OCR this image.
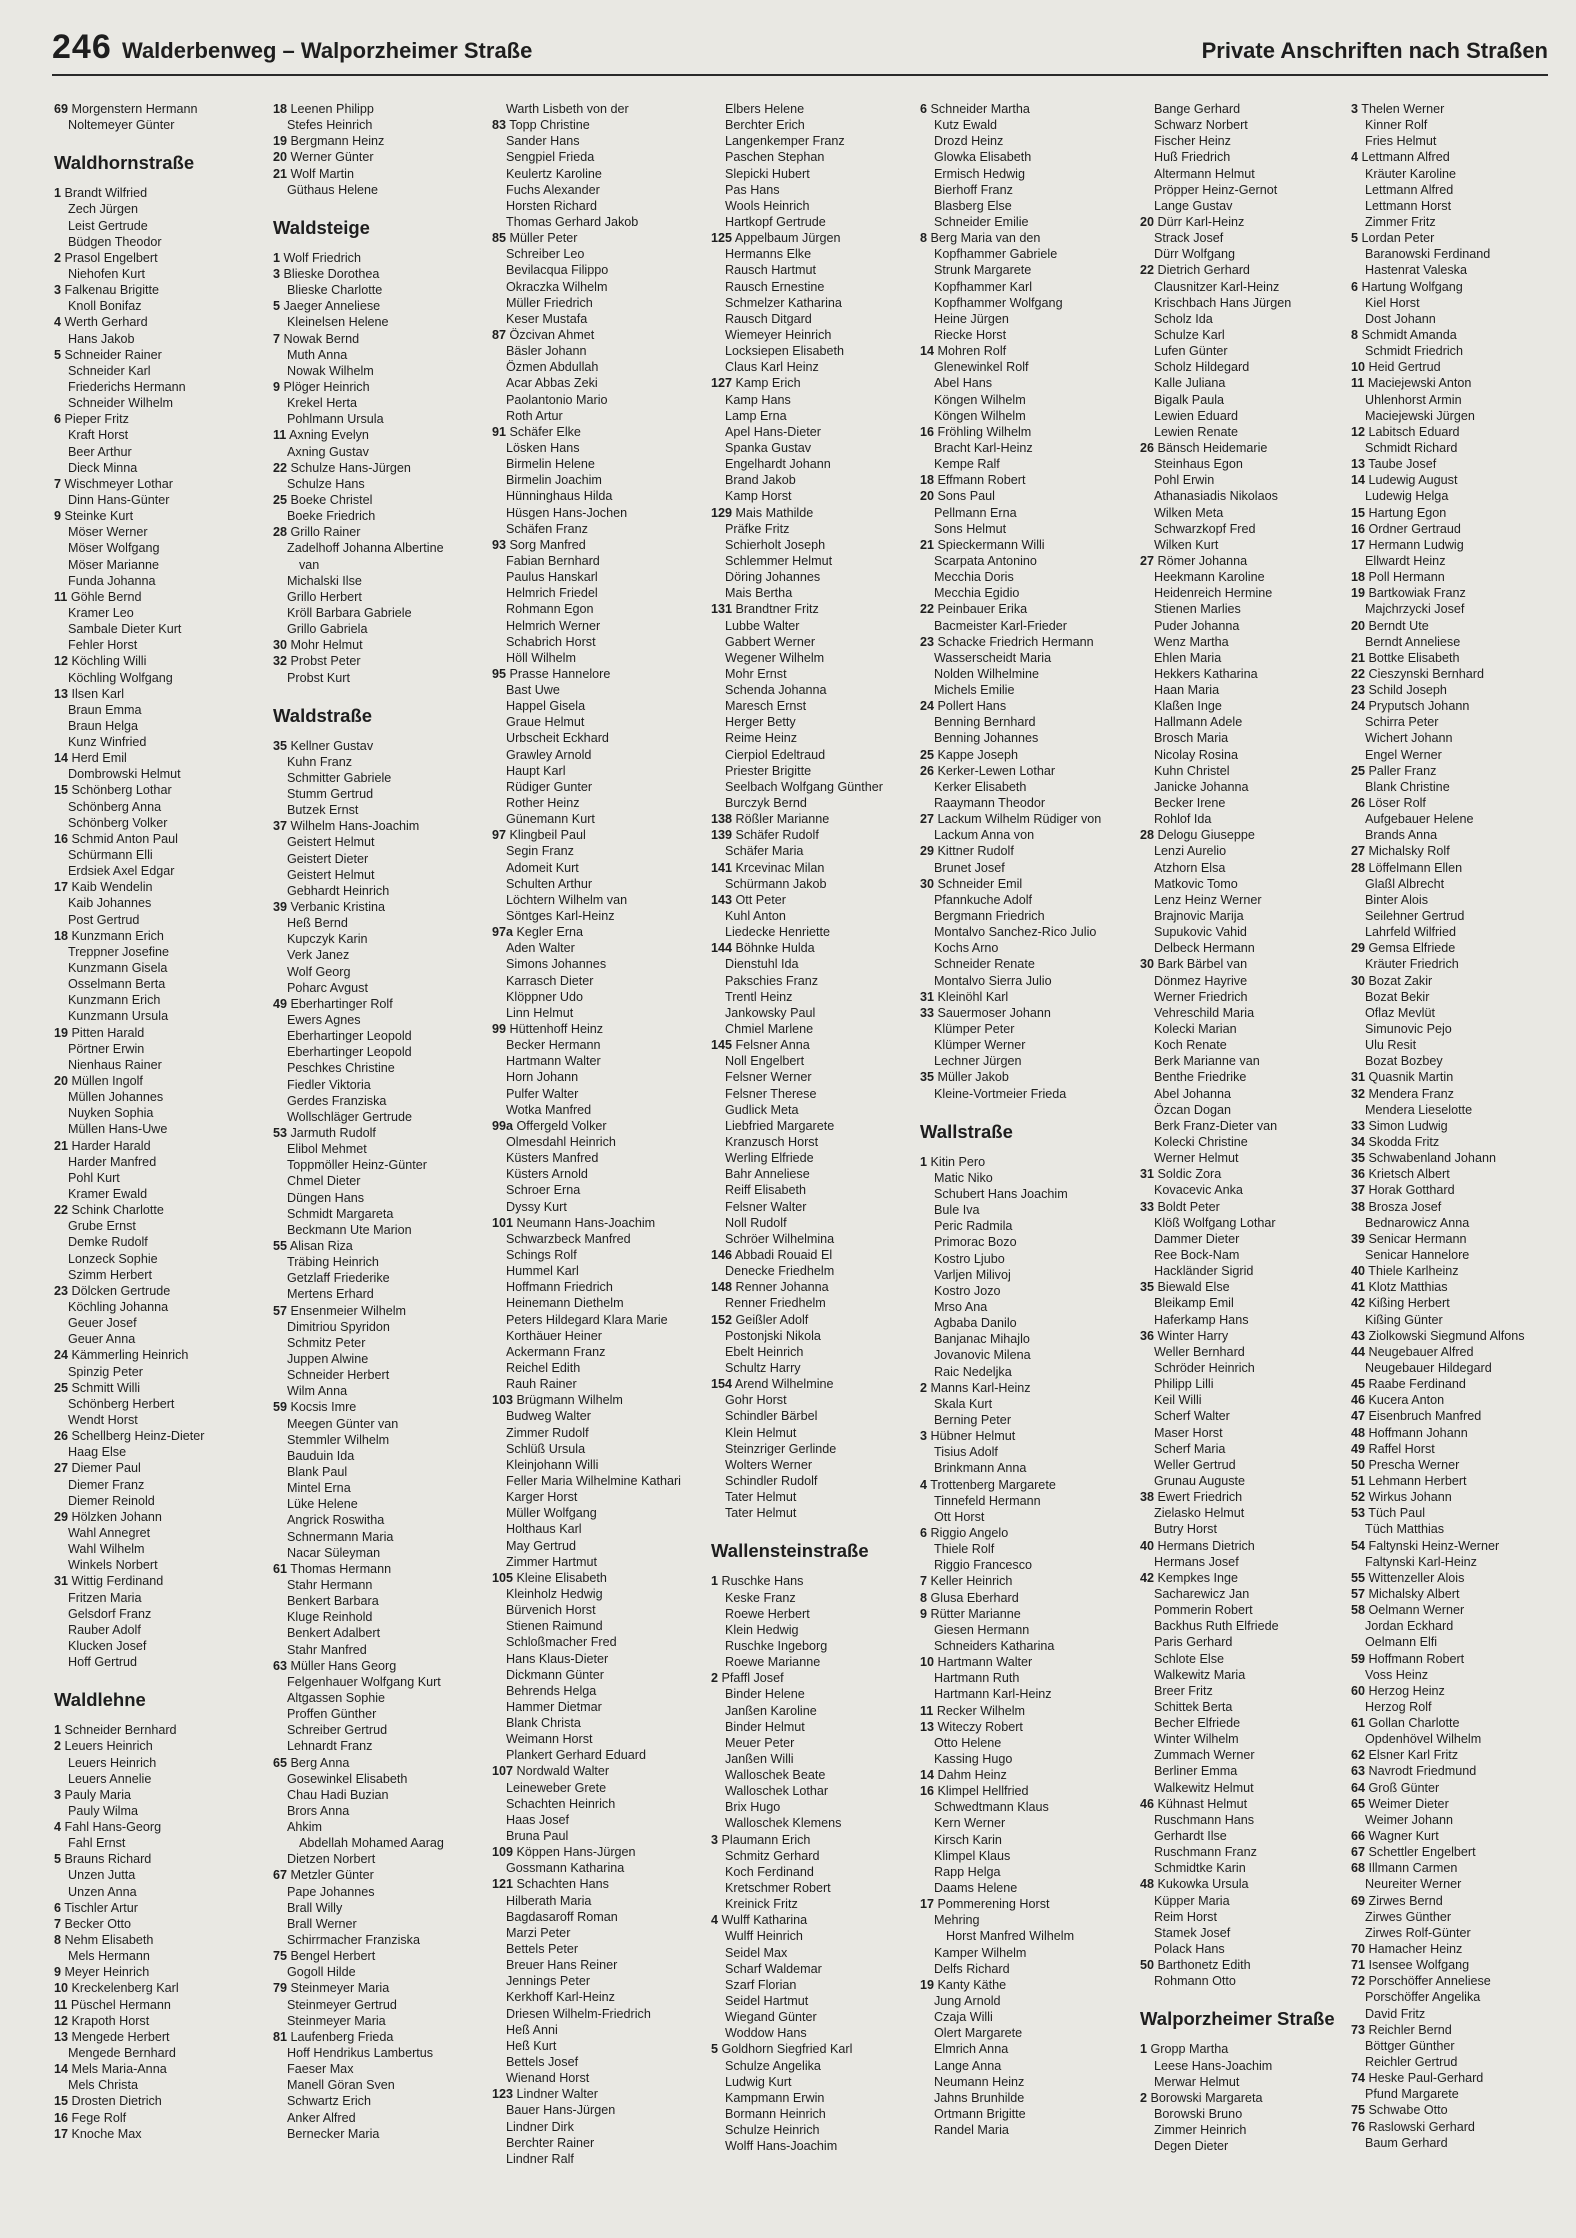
246 Walderbenweg – Walporzheimer Straße	Private Anschriften nach Straßen
69 Morgenstern Hermann
Noltemeyer Günter
Waldhornstraße
1 Brandt Wilfried
Zech Jürgen
Leist Gertrude
Büdgen Theodor
2 Prasol Engelbert
Niehofen Kurt
3 Falkenau Brigitte
Knoll Bonifaz
4 Werth Gerhard
Hans Jakob
5 Schneider Rainer
Schneider Karl
Friederichs Hermann
Schneider Wilhelm
6 Pieper Fritz
Kraft Horst
Beer Arthur
Dieck Minna
7 Wischmeyer Lothar
Dinn Hans-Günter
9 Steinke Kurt
Möser Werner
Möser Wolfgang
Möser Marianne
Funda Johanna
11 Göhle Bernd
Kramer Leo
Sambale Dieter Kurt
Fehler Horst
12 Köchling Willi
Köchling Wolfgang
13 Ilsen Karl
Braun Emma
Braun Helga
Kunz Winfried
14 Herd Emil
Dombrowski Helmut
15 Schönberg Lothar
Schönberg Anna
Schönberg Volker
16 Schmid Anton Paul
Schürmann Elli
Erdsiek Axel Edgar
17 Kaib Wendelin
Kaib Johannes
Post Gertrud
18 Kunzmann Erich
Treppner Josefine
Kunzmann Gisela
Osselmann Berta
Kunzmann Erich
Kunzmann Ursula
19 Pitten Harald
Pörtner Erwin
Nienhaus Rainer
20 Müllen Ingolf
Müllen Johannes
Nuyken Sophia
Müllen Hans-Uwe
21 Harder Harald
Harder Manfred
Pohl Kurt
Kramer Ewald
22 Schink Charlotte
Grube Ernst
Demke Rudolf
Lonzeck Sophie
Szimm Herbert
23 Dölcken Gertrude
Köchling Johanna
Geuer Josef
Geuer Anna
24 Kämmerling Heinrich
Spinzig Peter
25 Schmitt Willi
Schönberg Herbert
Wendt Horst
26 Schellberg Heinz-Dieter
Haag Else
27 Diemer Paul
Diemer Franz
Diemer Reinold
29 Hölzken Johann
Wahl Annegret
Wahl Wilhelm
Winkels Norbert
31 Wittig Ferdinand
Fritzen Maria
Gelsdorf Franz
Rauber Adolf
Klucken Josef
Hoff Gertrud
Waldlehne
1 Schneider Bernhard
2 Leuers Heinrich
Leuers Heinrich
Leuers Annelie
3 Pauly Maria
Pauly Wilma
4 Fahl Hans-Georg
Fahl Ernst
5 Brauns Richard
Unzen Jutta
Unzen Anna
6 Tischler Artur
7 Becker Otto
8 Nehm Elisabeth
Mels Hermann
9 Meyer Heinrich
10 Kreckelenberg Karl
11 Püschel Hermann
12 Krapoth Horst
13 Mengede Herbert
Mengede Bernhard
14 Mels Maria-Anna
Mels Christa
15 Drosten Dietrich
16 Fege Rolf
17 Knoche Max
18 Leenen Philipp
Stefes Heinrich
19 Bergmann Heinz
20 Werner Günter
21 Wolf Martin
Güthaus Helene
Waldsteige
1 Wolf Friedrich
3 Blieske Dorothea
Blieske Charlotte
5 Jaeger Anneliese
Kleinelsen Helene
7 Nowak Bernd
Muth Anna
Nowak Wilhelm
9 Plöger Heinrich
Krekel Herta
Pohlmann Ursula
11 Axning Evelyn
Axning Gustav
22 Schulze Hans-Jürgen
Schulze Hans
25 Boeke Christel
Boeke Friedrich
28 Grillo Rainer
Zadelhoff Johanna Albertine
van
Michalski Ilse
Grillo Herbert
Kröll Barbara Gabriele
Grillo Gabriela
30 Mohr Helmut
32 Probst Peter
Probst Kurt
Waldstraße
35 Kellner Gustav
Kuhn Franz
Schmitter Gabriele
Stumm Gertrud
Butzek Ernst
37 Wilhelm Hans-Joachim
Geistert Helmut
Geistert Dieter
Geistert Helmut
Gebhardt Heinrich
39 Verbanic Kristina
Heß Bernd
Kupczyk Karin
Verk Janez
Wolf Georg
Poharc Avgust
49 Eberhartinger Rolf
Ewers Agnes
Eberhartinger Leopold
Eberhartinger Leopold
Peschkes Christine
Fiedler Viktoria
Gerdes Franziska
Wollschläger Gertrude
53 Jarmuth Rudolf
Elibol Mehmet
Toppmöller Heinz-Günter
Chmel Dieter
Düngen Hans
Schmidt Margareta
Beckmann Ute Marion
55 Alisan Riza
Träbing Heinrich
Getzlaff Friederike
Mertens Erhard
57 Ensenmeier Wilhelm
Dimitriou Spyridon
Schmitz Peter
Juppen Alwine
Schneider Herbert
Wilm Anna
59 Kocsis Imre
Meegen Günter van
Stemmler Wilhelm
Bauduin Ida
Blank Paul
Mintel Erna
Lüke Helene
Angrick Roswitha
Schnermann Maria
Nacar Süleyman
61 Thomas Hermann
Stahr Hermann
Benkert Barbara
Kluge Reinhold
Benkert Adalbert
Stahr Manfred
63 Müller Hans Georg
Felgenhauer Wolfgang Kurt
Altgassen Sophie
Proffen Günther
Schreiber Gertrud
Lehnardt Franz
65 Berg Anna
Gosewinkel Elisabeth
Chau Hadi Buzian
Brors Anna
Ahkim
Abdellah Mohamed Aarag
Dietzen Norbert
67 Metzler Günter
Pape Johannes
Brall Willy
Brall Werner
Schirrmacher Franziska
75 Bengel Herbert
Gogoll Hilde
79 Steinmeyer Maria
Steinmeyer Gertrud
Steinmeyer Maria
81 Laufenberg Frieda
Hoff Hendrikus Lambertus
Faeser Max
Manell Göran Sven
Schwartz Erich
Anker Alfred
Bernecker Maria
Warth Lisbeth von der
83 Topp Christine
Sander Hans
Sengpiel Frieda
Keulertz Karoline
Fuchs Alexander
Horsten Richard
Thomas Gerhard Jakob
85 Müller Peter
Schreiber Leo
Bevilacqua Filippo
Okraczka Wilhelm
Müller Friedrich
Keser Mustafa
87 Özcivan Ahmet
Bäsler Johann
Özmen Abdullah
Acar Abbas Zeki
Paolantonio Mario
Roth Artur
91 Schäfer Elke
Lösken Hans
Birmelin Helene
Birmelin Joachim
Hünninghaus Hilda
Hüsgen Hans-Jochen
Schäfen Franz
93 Sorg Manfred
Fabian Bernhard
Paulus Hanskarl
Helmrich Friedel
Rohmann Egon
Helmrich Werner
Schabrich Horst
Höll Wilhelm
95 Prasse Hannelore
Bast Uwe
Happel Gisela
Graue Helmut
Urbscheit Eckhard
Grawley Arnold
Haupt Karl
Rüdiger Gunter
Rother Heinz
Günemann Kurt
97 Klingbeil Paul
Segin Franz
Adomeit Kurt
Schulten Arthur
Löchtern Wilhelm van
Söntges Karl-Heinz
97a Kegler Erna
Aden Walter
Simons Johannes
Karrasch Dieter
Klöppner Udo
Linn Helmut
99 Hüttenhoff Heinz
Becker Hermann
Hartmann Walter
Horn Johann
Pulfer Walter
Wotka Manfred
99a Offergeld Volker
Olmesdahl Heinrich
Küsters Manfred
Küsters Arnold
Schroer Erna
Dyssy Kurt
101 Neumann Hans-Joachim
Schwarzbeck Manfred
Schings Rolf
Hummel Karl
Hoffmann Friedrich
Heinemann Diethelm
Peters Hildegard Klara Marie
Korthäuer Heiner
Ackermann Franz
Reichel Edith
Rauh Rainer
103 Brügmann Wilhelm
Budweg Walter
Zimmer Rudolf
Schlüß Ursula
Kleinjohann Willi
Feller Maria Wilhelmine Kathari
Karger Horst
Müller Wolfgang
Holthaus Karl
May Gertrud
Zimmer Hartmut
105 Kleine Elisabeth
Kleinholz Hedwig
Bürvenich Horst
Stienen Raimund
Schloßmacher Fred
Hans Klaus-Dieter
Dickmann Günter
Behrends Helga
Hammer Dietmar
Blank Christa
Weimann Horst
Plankert Gerhard Eduard
107 Nordwald Walter
Leineweber Grete
Schachten Heinrich
Haas Josef
Bruna Paul
109 Köppen Hans-Jürgen
Gossmann Katharina
121 Schachten Hans
Hilberath Maria
Bagdasaroff Roman
Marzi Peter
Bettels Peter
Breuer Hans Reiner
Jennings Peter
Kerkhoff Karl-Heinz
Driesen Wilhelm-Friedrich
Heß Anni
Heß Kurt
Bettels Josef
Wienand Horst
123 Lindner Walter
Bauer Hans-Jürgen
Lindner Dirk
Berchter Rainer
Lindner Ralf
Elbers Helene
Berchter Erich
Langenkemper Franz
Paschen Stephan
Slepicki Hubert
Pas Hans
Wools Heinrich
Hartkopf Gertrude
125 Appelbaum Jürgen
Hermanns Elke
Rausch Hartmut
Rausch Ernestine
Schmelzer Katharina
Rausch Ditgard
Wiemeyer Heinrich
Locksiepen Elisabeth
Claus Karl Heinz
127 Kamp Erich
Kamp Hans
Lamp Erna
Apel Hans-Dieter
Spanka Gustav
Engelhardt Johann
Brand Jakob
Kamp Horst
129 Mais Mathilde
Präfke Fritz
Schierholt Joseph
Schlemmer Helmut
Döring Johannes
Mais Bertha
131 Brandtner Fritz
Lubbe Walter
Gabbert Werner
Wegener Wilhelm
Mohr Ernst
Schenda Johanna
Maresch Ernst
Herger Betty
Reime Heinz
Cierpiol Edeltraud
Priester Brigitte
Seelbach Wolfgang Günther
Burczyk Bernd
138 Rößler Marianne
139 Schäfer Rudolf
Schäfer Maria
141 Krcevinac Milan
Schürmann Jakob
143 Ott Peter
Kuhl Anton
Liedecke Henriette
144 Böhnke Hulda
Dienstuhl Ida
Pakschies Franz
Trentl Heinz
Jankowsky Paul
Chmiel Marlene
145 Felsner Anna
Noll Engelbert
Felsner Werner
Felsner Therese
Gudlick Meta
Liebfried Margarete
Kranzusch Horst
Werling Elfriede
Bahr Anneliese
Reiff Elisabeth
Felsner Walter
Noll Rudolf
Schröer Wilhelmina
146 Abbadi Rouaid El
Denecke Friedhelm
148 Renner Johanna
Renner Friedhelm
152 Geißler Adolf
Postonjski Nikola
Ebelt Heinrich
Schultz Harry
154 Arend Wilhelmine
Gohr Horst
Schindler Bärbel
Klein Helmut
Steinzriger Gerlinde
Wolters Werner
Schindler Rudolf
Tater Helmut
Tater Helmut
Wallensteinstraße
1 Ruschke Hans
Keske Franz
Roewe Herbert
Klein Hedwig
Ruschke Ingeborg
Roewe Marianne
2 Pfaffl Josef
Binder Helene
Janßen Karoline
Binder Helmut
Meuer Peter
Janßen Willi
Walloschek Beate
Walloschek Lothar
Brix Hugo
Walloschek Klemens
3 Plaumann Erich
Schmitz Gerhard
Koch Ferdinand
Kretschmer Robert
Kreinick Fritz
4 Wulff Katharina
Wulff Heinrich
Seidel Max
Scharf Waldemar
Szarf Florian
Seidel Hartmut
Wiegand Günter
Woddow Hans
5 Goldhorn Siegfried Karl
Schulze Angelika
Ludwig Kurt
Kampmann Erwin
Bormann Heinrich
Schulze Heinrich
Wolff Hans-Joachim
6 Schneider Martha
Kutz Ewald
Drozd Heinz
Glowka Elisabeth
Ermisch Hedwig
Bierhoff Franz
Blasberg Else
Schneider Emilie
8 Berg Maria van den
Kopfhammer Gabriele
Strunk Margarete
Kopfhammer Karl
Kopfhammer Wolfgang
Heine Jürgen
Riecke Horst
14 Mohren Rolf
Glenewinkel Rolf
Abel Hans
Köngen Wilhelm
Köngen Wilhelm
16 Fröhling Wilhelm
Bracht Karl-Heinz
Kempe Ralf
18 Effmann Robert
20 Sons Paul
Pellmann Erna
Sons Helmut
21 Spieckermann Willi
Scarpata Antonino
Mecchia Doris
Mecchia Egidio
22 Peinbauer Erika
Bacmeister Karl-Frieder
23 Schacke Friedrich Hermann
Wasserscheidt Maria
Nolden Wilhelmine
Michels Emilie
24 Pollert Hans
Benning Bernhard
Benning Johannes
25 Kappe Joseph
26 Kerker-Lewen Lothar
Kerker Elisabeth
Raaymann Theodor
27 Lackum Wilhelm Rüdiger von
Lackum Anna von
29 Kittner Rudolf
Brunet Josef
30 Schneider Emil
Pfannkuche Adolf
Bergmann Friedrich
Montalvo Sanchez-Rico Julio
Kochs Arno
Schneider Renate
Montalvo Sierra Julio
31 Kleinöhl Karl
33 Sauermoser Johann
Klümper Peter
Klümper Werner
Lechner Jürgen
35 Müller Jakob
Kleine-Vortmeier Frieda
Wallstraße
1 Kitin Pero
Matic Niko
Schubert Hans Joachim
Bule Iva
Peric Radmila
Primorac Bozo
Kostro Ljubo
Varljen Milivoj
Kostro Jozo
Mrso Ana
Agbaba Danilo
Banjanac Mihajlo
Jovanovic Milena
Raic Nedeljka
2 Manns Karl-Heinz
Skala Kurt
Berning Peter
3 Hübner Helmut
Tisius Adolf
Brinkmann Anna
4 Trottenberg Margarete
Tinnefeld Hermann
Ott Horst
6 Riggio Angelo
Thiele Rolf
Riggio Francesco
7 Keller Heinrich
8 Glusa Eberhard
9 Rütter Marianne
Giesen Hermann
Schneiders Katharina
10 Hartmann Walter
Hartmann Ruth
Hartmann Karl-Heinz
11 Recker Wilhelm
13 Witeczy Robert
Otto Helene
Kassing Hugo
14 Dahm Heinz
16 Klimpel Hellfried
Schwedtmann Klaus
Kern Werner
Kirsch Karin
Klimpel Klaus
Rapp Helga
Daams Helene
17 Pommerening Horst
Mehring
Horst Manfred Wilhelm
Kamper Wilhelm
Delfs Richard
19 Kanty Käthe
Jung Arnold
Czaja Willi
Olert Margarete
Elmrich Anna
Lange Anna
Neumann Heinz
Jahns Brunhilde
Ortmann Brigitte
Randel Maria
Bange Gerhard
Schwarz Norbert
Fischer Heinz
Huß Friedrich
Altermann Helmut
Pröpper Heinz-Gernot
Lange Gustav
20 Dürr Karl-Heinz
Strack Josef
Dürr Wolfgang
22 Dietrich Gerhard
Clausnitzer Karl-Heinz
Krischbach Hans Jürgen
Scholz Ida
Schulze Karl
Lufen Günter
Scholz Hildegard
Kalle Juliana
Bigalk Paula
Lewien Eduard
Lewien Renate
26 Bänsch Heidemarie
Steinhaus Egon
Pohl Erwin
Athanasiadis Nikolaos
Wilken Meta
Schwarzkopf Fred
Wilken Kurt
27 Römer Johanna
Heekmann Karoline
Heidenreich Hermine
Stienen Marlies
Puder Johanna
Wenz Martha
Ehlen Maria
Hekkers Katharina
Haan Maria
Klaßen Inge
Hallmann Adele
Brosch Maria
Nicolay Rosina
Kuhn Christel
Janicke Johanna
Becker Irene
Rohlof Ida
28 Delogu Giuseppe
Lenzi Aurelio
Atzhorn Elsa
Matkovic Tomo
Lenz Heinz Werner
Brajnovic Marija
Supukovic Vahid
Delbeck Hermann
30 Bark Bärbel van
Dönmez Hayrive
Werner Friedrich
Vehreschild Maria
Kolecki Marian
Koch Renate
Berk Marianne van
Benthe Friedrike
Abel Johanna
Özcan Dogan
Berk Franz-Dieter van
Kolecki Christine
Werner Helmut
31 Soldic Zora
Kovacevic Anka
33 Boldt Peter
Klöß Wolfgang Lothar
Dammer Dieter
Ree Bock-Nam
Hackländer Sigrid
35 Biewald Else
Bleikamp Emil
Haferkamp Hans
36 Winter Harry
Weller Bernhard
Schröder Heinrich
Philipp Lilli
Keil Willi
Scherf Walter
Maser Horst
Scherf Maria
Weller Gertrud
Grunau Auguste
38 Ewert Friedrich
Zielasko Helmut
Butry Horst
40 Hermans Dietrich
Hermans Josef
42 Kempkes Inge
Sacharewicz Jan
Pommerin Robert
Backhus Ruth Elfriede
Paris Gerhard
Schlote Else
Walkewitz Maria
Breer Fritz
Schittek Berta
Becher Elfriede
Winter Wilhelm
Zummach Werner
Berliner Emma
Walkewitz Helmut
46 Kühnast Helmut
Ruschmann Hans
Gerhardt Ilse
Ruschmann Franz
Schmidtke Karin
48 Kukowka Ursula
Küpper Maria
Reim Horst
Stamek Josef
Polack Hans
50 Barthonetz Edith
Rohmann Otto
Walporzheimer Straße
1 Gropp Martha
Leese Hans-Joachim
Merwar Helmut
2 Borowski Margareta
Borowski Bruno
Zimmer Heinrich
Degen Dieter
3 Thelen Werner
Kinner Rolf
Fries Helmut
4 Lettmann Alfred
Kräuter Karoline
Lettmann Alfred
Lettmann Horst
Zimmer Fritz
5 Lordan Peter
Baranowski Ferdinand
Hastenrat Valeska
6 Hartung Wolfgang
Kiel Horst
Dost Johann
8 Schmidt Amanda
Schmidt Friedrich
10 Heid Gertrud
11 Maciejewski Anton
Uhlenhorst Armin
Maciejewski Jürgen
12 Labitsch Eduard
Schmidt Richard
13 Taube Josef
14 Ludewig August
Ludewig Helga
15 Hartung Egon
16 Ordner Gertraud
17 Hermann Ludwig
Ellwardt Heinz
18 Poll Hermann
19 Bartkowiak Franz
Majchrzycki Josef
20 Berndt Ute
Berndt Anneliese
21 Bottke Elisabeth
22 Cieszynski Bernhard
23 Schild Joseph
24 Pryputsch Johann
Schirra Peter
Wichert Johann
Engel Werner
25 Paller Franz
Blank Christine
26 Löser Rolf
Aufgebauer Helene
Brands Anna
27 Michalsky Rolf
28 Löffelmann Ellen
Glaßl Albrecht
Binter Alois
Seilehner Gertrud
Lahrfeld Wilfried
29 Gemsa Elfriede
Kräuter Friedrich
30 Bozat Zakir
Bozat Bekir
Oflaz Mevlüt
Simunovic Pejo
Ulu Resit
Bozat Bozbey
31 Quasnik Martin
32 Mendera Franz
Mendera Lieselotte
33 Simon Ludwig
34 Skodda Fritz
35 Schwabenland Johann
36 Krietsch Albert
37 Horak Gotthard
38 Brosza Josef
Bednarowicz Anna
39 Senicar Hermann
Senicar Hannelore
40 Thiele Karlheinz
41 Klotz Matthias
42 Kißing Herbert
Kißing Günter
43 Ziolkowski Siegmund Alfons
44 Neugebauer Alfred
Neugebauer Hildegard
45 Raabe Ferdinand
46 Kucera Anton
47 Eisenbruch Manfred
48 Hoffmann Johann
49 Raffel Horst
50 Prescha Werner
51 Lehmann Herbert
52 Wirkus Johann
53 Tüch Paul
Tüch Matthias
54 Faltynski Heinz-Werner
Faltynski Karl-Heinz
55 Wittenzeller Alois
57 Michalsky Albert
58 Oelmann Werner
Jordan Eckhard
Oelmann Elfi
59 Hoffmann Robert
Voss Heinz
60 Herzog Heinz
Herzog Rolf
61 Gollan Charlotte
Opdenhövel Wilhelm
62 Elsner Karl Fritz
63 Navrodt Friedmund
64 Groß Günter
65 Weimer Dieter
Weimer Johann
66 Wagner Kurt
67 Schettler Engelbert
68 Illmann Carmen
Neureiter Werner
69 Zirwes Bernd
Zirwes Günther
Zirwes Rolf-Günter
70 Hamacher Heinz
71 Isensee Wolfgang
72 Porschöffer Anneliese
Porschöffer Angelika
David Fritz
73 Reichler Bernd
Böttger Günther
Reichler Gertrud
74 Heske Paul-Gerhard
Pfund Margarete
75 Schwabe Otto
76 Raslowski Gerhard
Baum Gerhard
